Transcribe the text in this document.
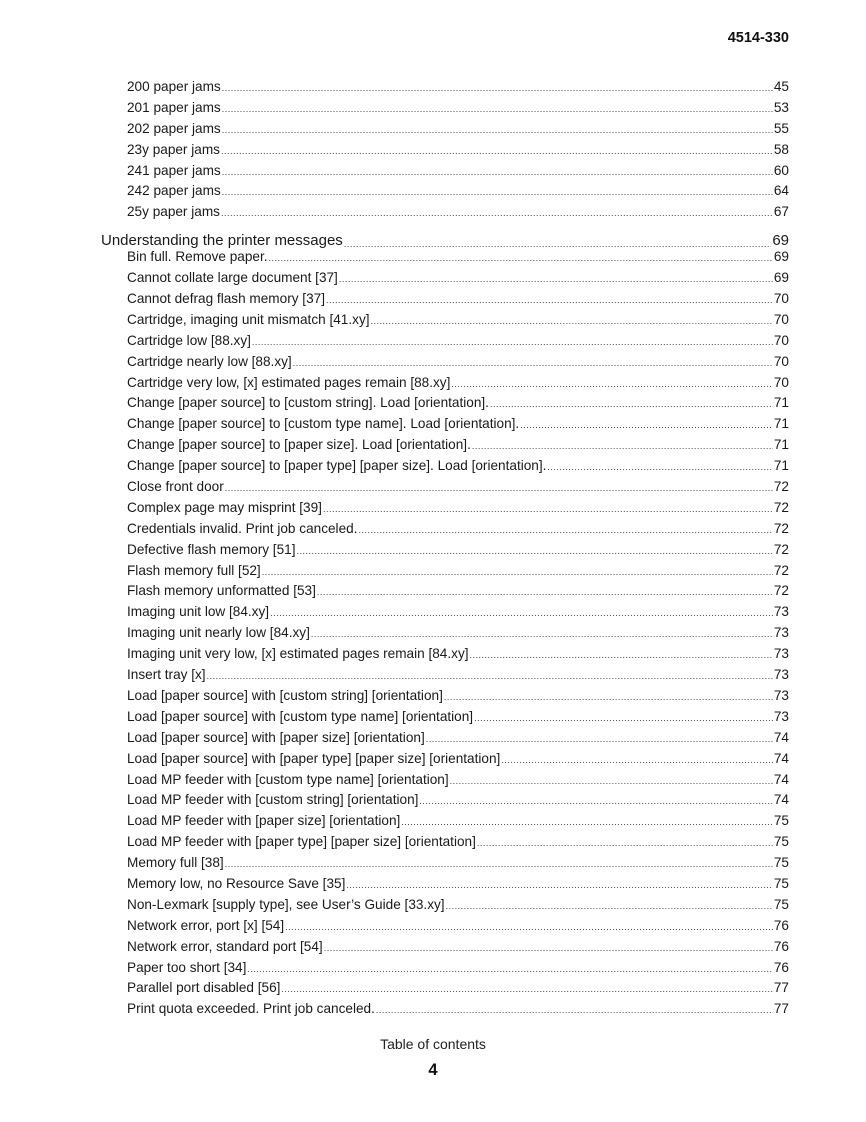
4514-330
200 paper jams .....	45
201 paper jams .....	53
202 paper jams .....	55
23y paper jams .....	58
241 paper jams .....	60
242 paper jams .....	64
25y paper jams .....	67
Understanding the printer messages .....	69
Bin full. Remove paper. .....	69
Cannot collate large document [37] .....	69
Cannot defrag flash memory [37] .....	70
Cartridge, imaging unit mismatch [41.xy] .....	70
Cartridge low [88.xy] .....	70
Cartridge nearly low [88.xy] .....	70
Cartridge very low, [x] estimated pages remain [88.xy] .....	70
Change [paper source] to [custom string]. Load [orientation]. .....	71
Change [paper source] to [custom type name]. Load [orientation]. .....	71
Change [paper source] to [paper size]. Load [orientation]. .....	71
Change [paper source] to [paper type] [paper size]. Load [orientation]. .....	71
Close front door .....	72
Complex page may misprint [39] .....	72
Credentials invalid. Print job canceled. .....	72
Defective flash memory [51] .....	72
Flash memory full [52] .....	72
Flash memory unformatted [53] .....	72
Imaging unit low [84.xy] .....	73
Imaging unit nearly low [84.xy] .....	73
Imaging unit very low, [x] estimated pages remain [84.xy] .....	73
Insert tray [x] .....	73
Load [paper source] with [custom string] [orientation] .....	73
Load [paper source] with [custom type name] [orientation] .....	73
Load [paper source] with [paper size] [orientation] .....	74
Load [paper source] with [paper type] [paper size] [orientation] .....	74
Load MP feeder with [custom type name] [orientation] .....	74
Load MP feeder with [custom string] [orientation] .....	74
Load MP feeder with [paper size] [orientation] .....	75
Load MP feeder with [paper type] [paper size] [orientation] .....	75
Memory full [38] .....	75
Memory low, no Resource Save [35] .....	75
Non-Lexmark [supply type], see User’s Guide [33.xy] .....	75
Network error, port [x] [54] .....	76
Network error, standard port [54] .....	76
Paper too short [34] .....	76
Parallel port disabled [56] .....	77
Print quota exceeded. Print job canceled. .....	77
Table of contents
4
